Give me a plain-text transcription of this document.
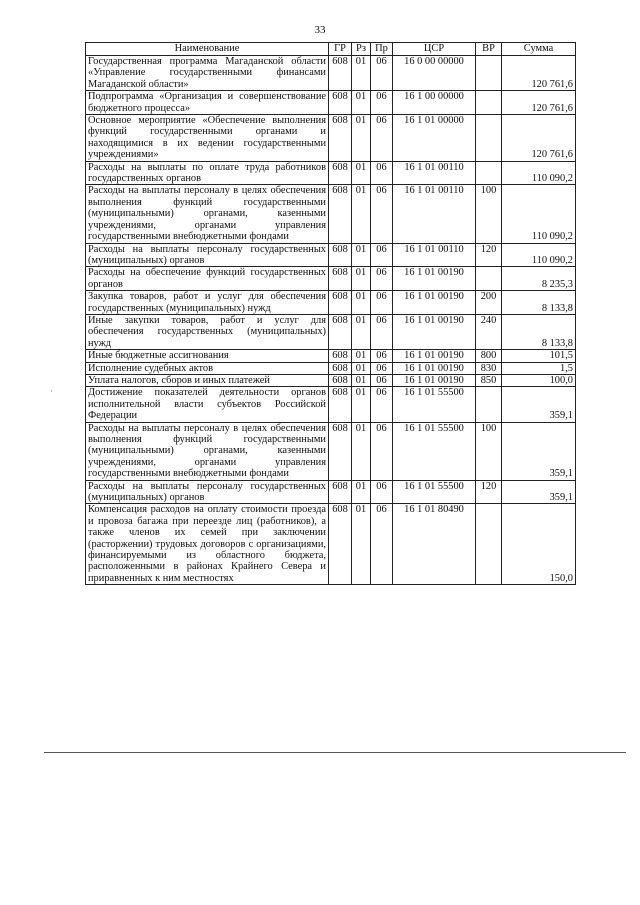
33
Наименование	ГР	Рз	Пр	ЦСР	ВР	Сумма
Государственная программа Магаданской области «Управление государственными финансами Магаданской области»	608	01	06	16 0 00 00000		120 761,6
Подпрограмма «Организация и совершенствование бюджетного процесса»	608	01	06	16 1 00 00000		120 761,6
Основное мероприятие «Обеспечение выполнения функций государственными органами и находящимися в их ведении государственными учреждениями»	608	01	06	16 1 01 00000		120 761,6
Расходы на выплаты по оплате труда работников государственных органов	608	01	06	16 1 01 00110		110 090,2
Расходы на выплаты персоналу в целях обеспечения выполнения функций государственными (муниципальными) органами, казенными учреждениями, органами управления государственными внебюджетными фондами	608	01	06	16 1 01 00110	100	110 090,2
Расходы на выплаты персоналу государственных (муниципальных) органов	608	01	06	16 1 01 00110	120	110 090,2
Расходы на обеспечение функций государственных органов	608	01	06	16 1 01 00190		8 235,3
Закупка товаров, работ и услуг для обеспечения государственных (муниципальных) нужд	608	01	06	16 1 01 00190	200	8 133,8
Иные закупки товаров, работ и услуг для обеспечения государственных (муниципальных) нужд	608	01	06	16 1 01 00190	240	8 133,8
Иные бюджетные ассигнования	608	01	06	16 1 01 00190	800	101,5
Исполнение судебных актов	608	01	06	16 1 01 00190	830	1,5
Уплата налогов, сборов и иных платежей	608	01	06	16 1 01 00190	850	100,0
Достижение показателей деятельности органов исполнительной власти субъектов Российской Федерации	608	01	06	16 1 01 55500		359,1
Расходы на выплаты персоналу в целях обеспечения выполнения функций государственными (муниципальными) органами, казенными учреждениями, органами управления государственными внебюджетными фондами	608	01	06	16 1 01 55500	100	359,1
Расходы на выплаты персоналу государственных (муниципальных) органов	608	01	06	16 1 01 55500	120	359,1
Компенсация расходов на оплату стоимости проезда и провоза багажа при переезде лиц (работников), а также членов их семей при заключении (расторжении) трудовых договоров с организациями, финансируемыми из областного бюджета, расположенными в районах Крайнего Севера и приравненных к ним местностях	608	01	06	16 1 01 80490		150,0
·
